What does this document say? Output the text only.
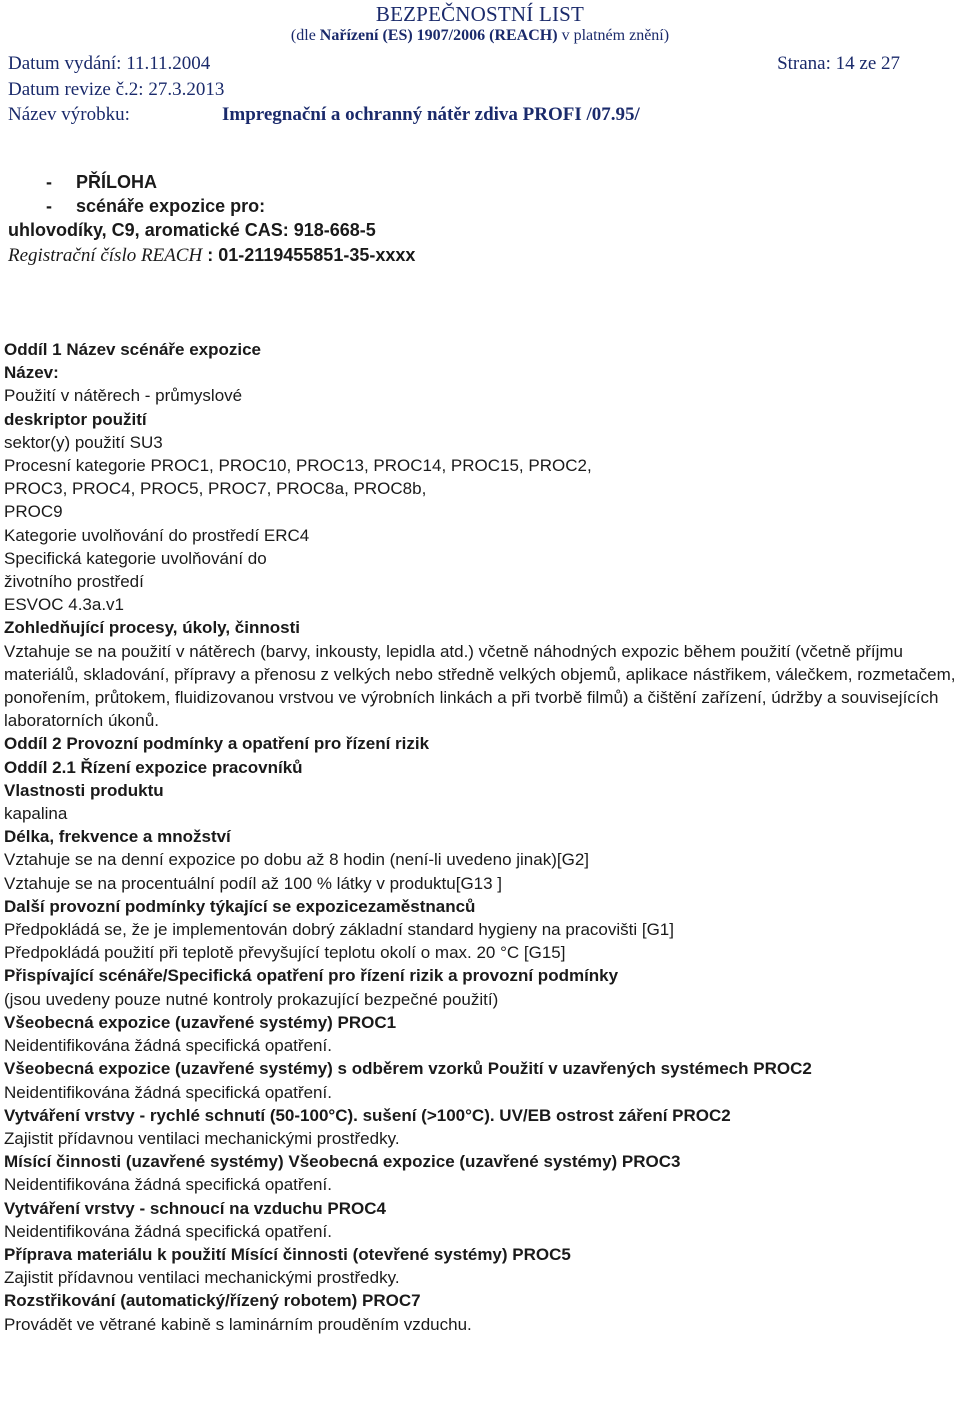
BEZPEČNOSTNÍ LIST
(dle Nařízení (ES) 1907/2006 (REACH) v platném znění)
Datum vydání: 11.11.2004	Strana: 14 ze 27
Datum revize č.2: 27.3.2013
Název výrobku:	Impregnační a ochranný nátěr zdiva PROFI /07.95/
- PŘÍLOHA
- scénáře expozice pro:
uhlovodíky, C9, aromatické CAS: 918-668-5
Registrační číslo REACH : 01-2119455851-35-xxxx
Oddíl 1 Název scénáře expozice
Název:
Použití v nátěrech - průmyslové
deskriptor použití
sektor(y) použití SU3
Procesní kategorie PROC1, PROC10, PROC13, PROC14, PROC15, PROC2,
PROC3, PROC4, PROC5, PROC7, PROC8a, PROC8b,
PROC9
Kategorie uvolňování do prostředí ERC4
Specifická kategorie uvolňování do
životního prostředí
ESVOC 4.3a.v1
Zohledňující procesy, úkoly, činnosti
Vztahuje se na použití v nátěrech (barvy, inkousty, lepidla atd.) včetně náhodných expozic během použití (včetně příjmu materiálů, skladování, přípravy a přenosu z velkých nebo středně velkých objemů, aplikace nástřikem, válečkem, rozmetačem, ponořením, průtokem, fluidizovanou vrstvou ve výrobních linkách a při tvorbě filmů) a čištění zařízení, údržby a souvisejících laboratorních úkonů.
Oddíl 2 Provozní podmínky a opatření pro řízení rizik
Oddíl 2.1 Řízení expozice pracovníků
Vlastnosti produktu
kapalina
Délka, frekvence a množství
Vztahuje se na denní expozice po dobu až 8 hodin (není-li uvedeno jinak)[G2]
Vztahuje se na procentuální podíl až 100 % látky v produktu[G13 ]
Další provozní podmínky týkající se expozicezaměstnanců
Předpokládá se, že je implementován dobrý základní standard hygieny na pracovišti [G1]
Předpokládá použití při teplotě převyšující teplotu okolí o max. 20 °C [G15]
Přispívající scénáře/Specifická opatření pro řízení rizik a provozní podmínky
(jsou uvedeny pouze nutné kontroly prokazující bezpečné použití)
Všeobecná expozice (uzavřené systémy) PROC1
Neidentifikována žádná specifická opatření.
Všeobecná expozice (uzavřené systémy) s odběrem vzorků Použití v uzavřených systémech PROC2
Neidentifikována žádná specifická opatření.
Vytváření vrstvy - rychlé schnutí (50-100°C). sušení (>100°C). UV/EB ostrost záření PROC2
Zajistit přídavnou ventilaci mechanickými prostředky.
Mísící činnosti (uzavřené systémy) Všeobecná expozice (uzavřené systémy) PROC3
Neidentifikována žádná specifická opatření.
Vytváření vrstvy - schnoucí na vzduchu PROC4
Neidentifikována žádná specifická opatření.
Příprava materiálu k použití Mísící činnosti (otevřené systémy) PROC5
Zajistit přídavnou ventilaci mechanickými prostředky.
Rozstřikování (automatický/řízený robotem) PROC7
Provádět ve větrané kabině s laminárním prouděním vzduchu.
